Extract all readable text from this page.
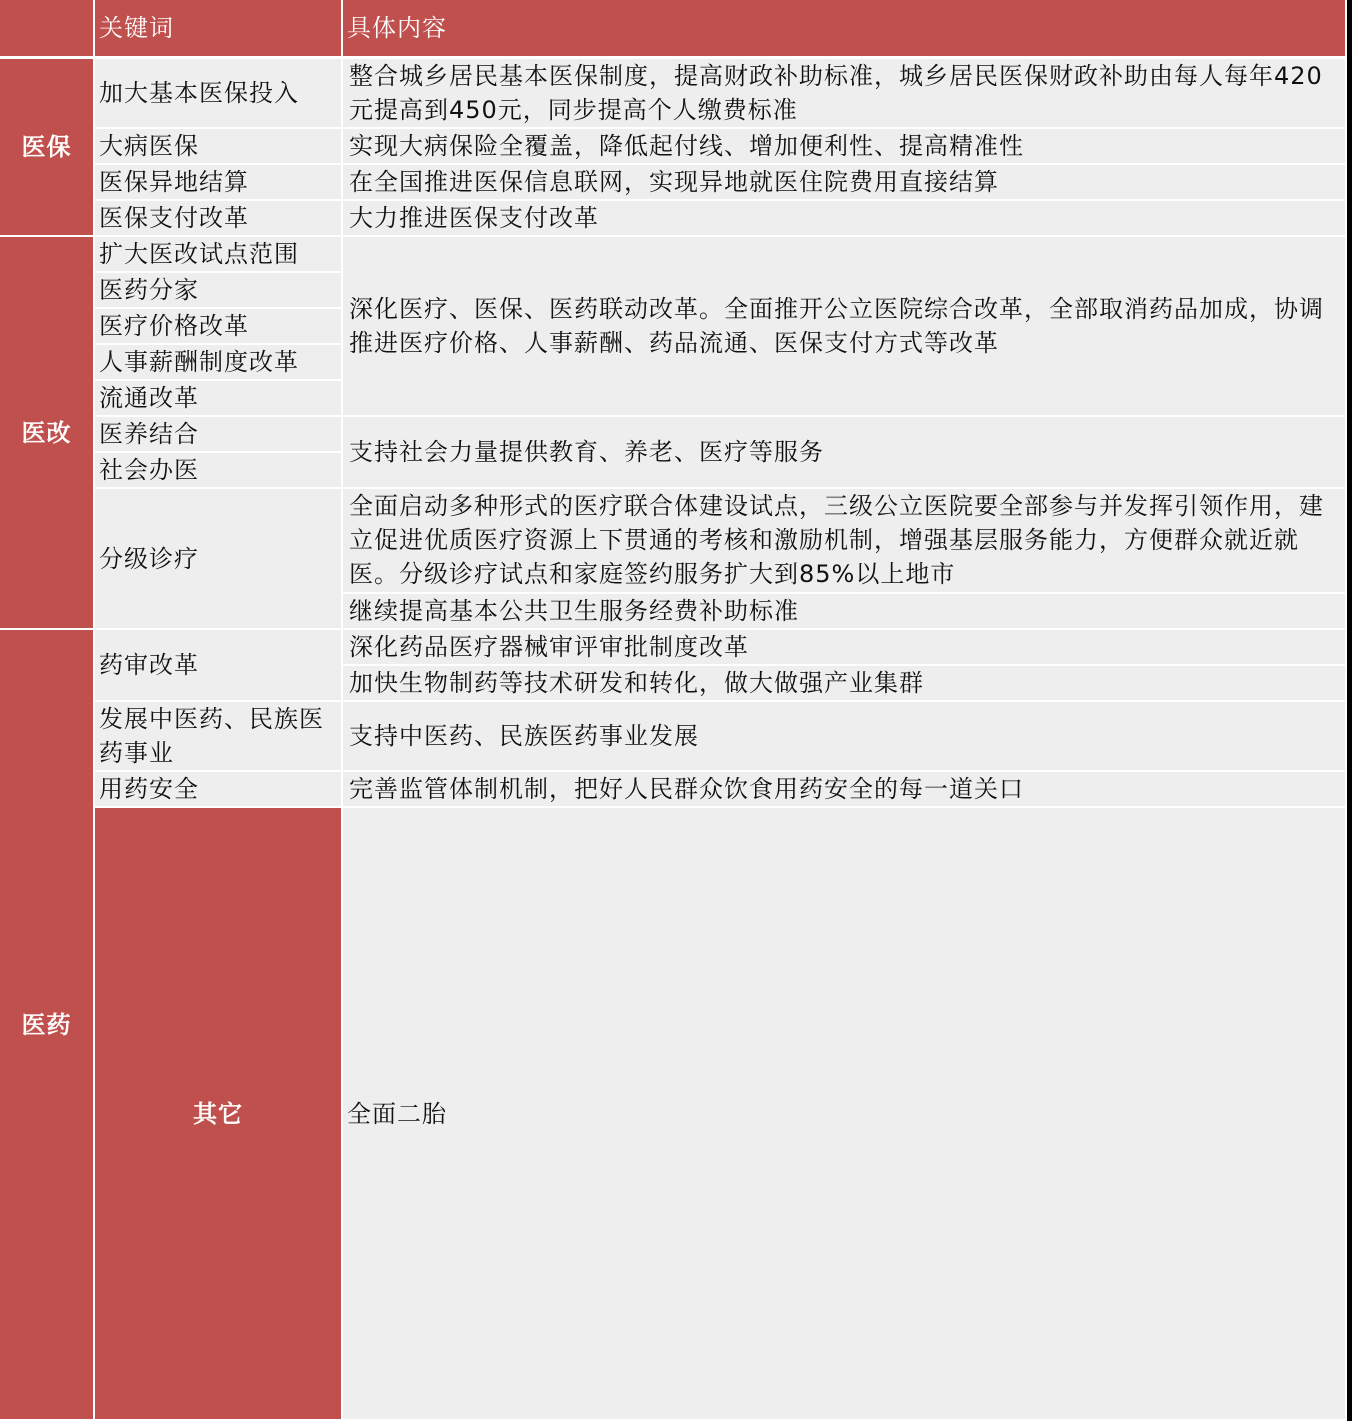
	关键词	具体内容	
医保	加大基本医保投入	整合城乡居民基本医保制度，提高财政补助标准，城乡居民医保财政补助由每人每年420元提高到450元，同步提高个人缴费标准	
	大病医保	实现大病保险全覆盖，降低起付线、增加便利性、提高精准性	
	医保异地结算	在全国推进医保信息联网，实现异地就医住院费用直接结算	
	医保支付改革	大力推进医保支付改革	
医改	扩大医改试点范围	深化医疗、医保、医药联动改革。全面推开公立医院综合改革，全部取消药品加成，协调推进医疗价格、人事薪酬、药品流通、医保支付方式等改革	
	医药分家		
	医疗价格改革		
	人事薪酬制度改革		
	流通改革		
	医养结合	支持社会力量提供教育、养老、医疗等服务	
	社会办医		
	分级诊疗	全面启动多种形式的医疗联合体建设试点，三级公立医院要全部参与并发挥引领作用，建立促进优质医疗资源上下贯通的考核和激励机制，增强基层服务能力，方便群众就近就医。分级诊疗试点和家庭签约服务扩大到85%以上地市	
		继续提高基本公共卫生服务经费补助标准	
医药	药审改革	深化药品医疗器械审评审批制度改革	
		加快生物制药等技术研发和转化，做大做强产业集群	
	发展中医药、民族医药事业	支持中医药、民族医药事业发展	
	用药安全	完善监管体制机制，把好人民群众饮食用药安全的每一道关口	
	其它	全面二胎	
